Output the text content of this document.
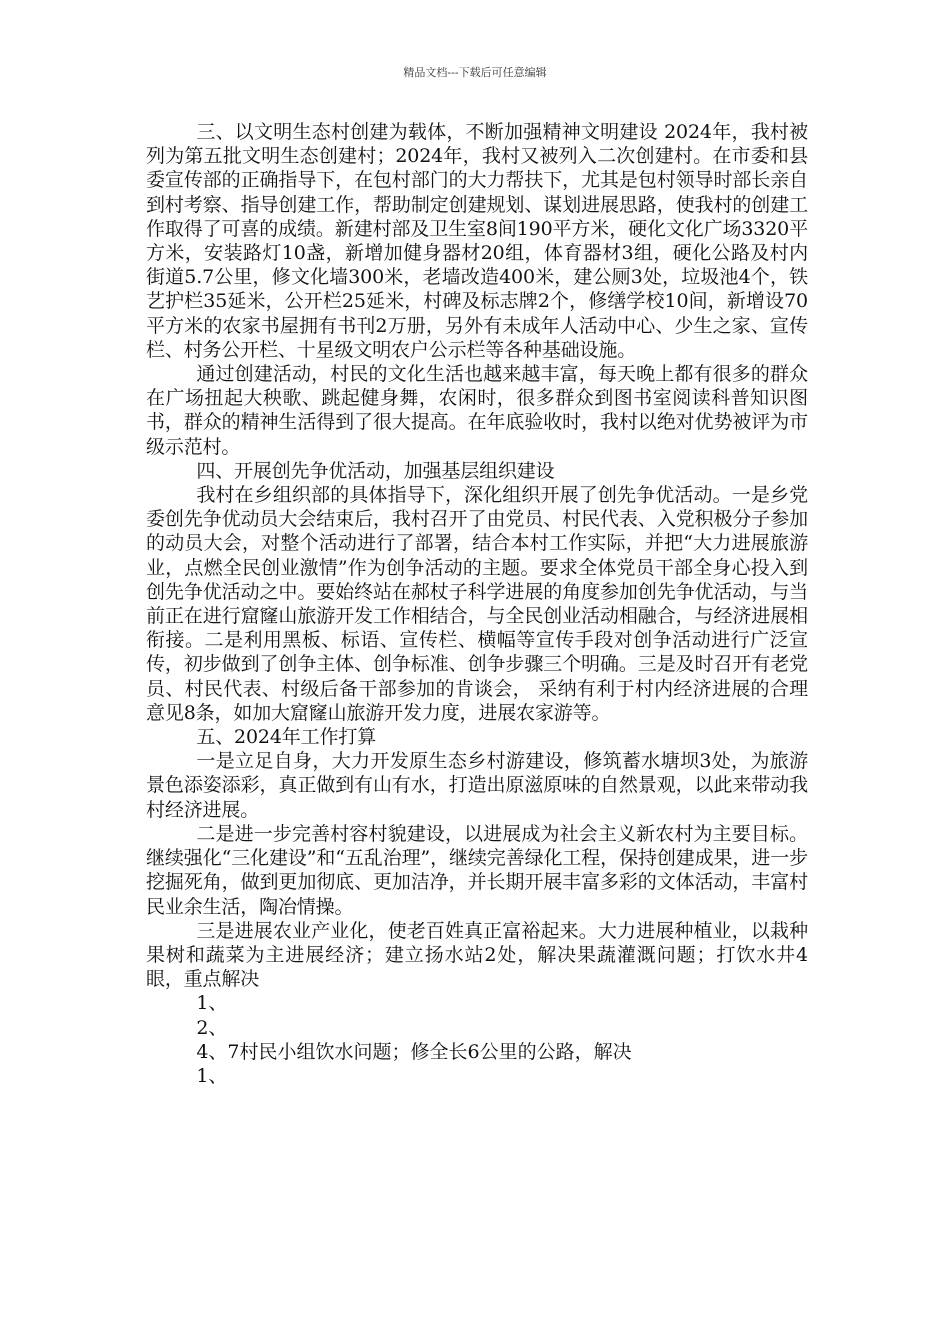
精品文档---下载后可任意编辑

三、以文明生态村创建为载体，不断加强精神文明建设 2024年，我村被列为第五批文明生态创建村；2024年，我村又被列入二次创建村。在市委和县委宣传部的正确指导下，在包村部门的大力帮扶下，尤其是包村领导时部长亲自到村考察、指导创建工作，帮助制定创建规划、谋划进展思路，使我村的创建工作取得了可喜的成绩。新建村部及卫生室8间190平方米，硬化文化广场3320平方米，安装路灯10盏，新增加健身器材20组，体育器材3组，硬化公路及村内街道5.7公里，修文化墙300米，老墙改造400米，建公厕3处，垃圾池4个，铁艺护栏35延米，公开栏25延米，村碑及标志牌2个，修缮学校10间，新增设70平方米的农家书屋拥有书刊2万册，另外有未成年人活动中心、少生之家、宣传栏、村务公开栏、十星级文明农户公示栏等各种基础设施。

通过创建活动，村民的文化生活也越来越丰富，每天晚上都有很多的群众在广场扭起大秧歌、跳起健身舞，农闲时，很多群众到图书室阅读科普知识图书，群众的精神生活得到了很大提高。在年底验收时，我村以绝对优势被评为市级示范村。

四、开展创先争优活动，加强基层组织建设

我村在乡组织部的具体指导下，深化组织开展了创先争优活动。一是乡党委创先争优动员大会结束后，我村召开了由党员、村民代表、入党积极分子参加的动员大会，对整个活动进行了部署，结合本村工作实际，并把“大力进展旅游业，点燃全民创业激情”作为创争活动的主题。要求全体党员干部全身心投入到创先争优活动之中。要始终站在郝杖子科学进展的角度参加创先争优活动，与当前正在进行窟窿山旅游开发工作相结合，与全民创业活动相融合，与经济进展相衔接。二是利用黑板、标语、宣传栏、横幅等宣传手段对创争活动进行广泛宣传，初步做到了创争主体、创争标准、创争步骤三个明确。三是及时召开有老党员、村民代表、村级后备干部参加的肯谈会， 采纳有利于村内经济进展的合理意见8条，如加大窟窿山旅游开发力度，进展农家游等。

五、2024年工作打算

一是立足自身，大力开发原生态乡村游建设，修筑蓄水塘坝3处，为旅游景色添姿添彩，真正做到有山有水，打造出原滋原味的自然景观，以此来带动我村经济进展。

二是进一步完善村容村貌建设，以进展成为社会主义新农村为主要目标。继续强化“三化建设”和“五乱治理”，继续完善绿化工程，保持创建成果，进一步挖掘死角，做到更加彻底、更加洁净，并长期开展丰富多彩的文体活动，丰富村民业余生活，陶冶情操。

三是进展农业产业化，使老百姓真正富裕起来。大力进展种植业，以栽种果树和蔬菜为主进展经济；建立扬水站2处，解决果蔬灌溉问题；打饮水井4眼，重点解决

1、

2、

4、7村民小组饮水问题；修全长6公里的公路，解决

1、
